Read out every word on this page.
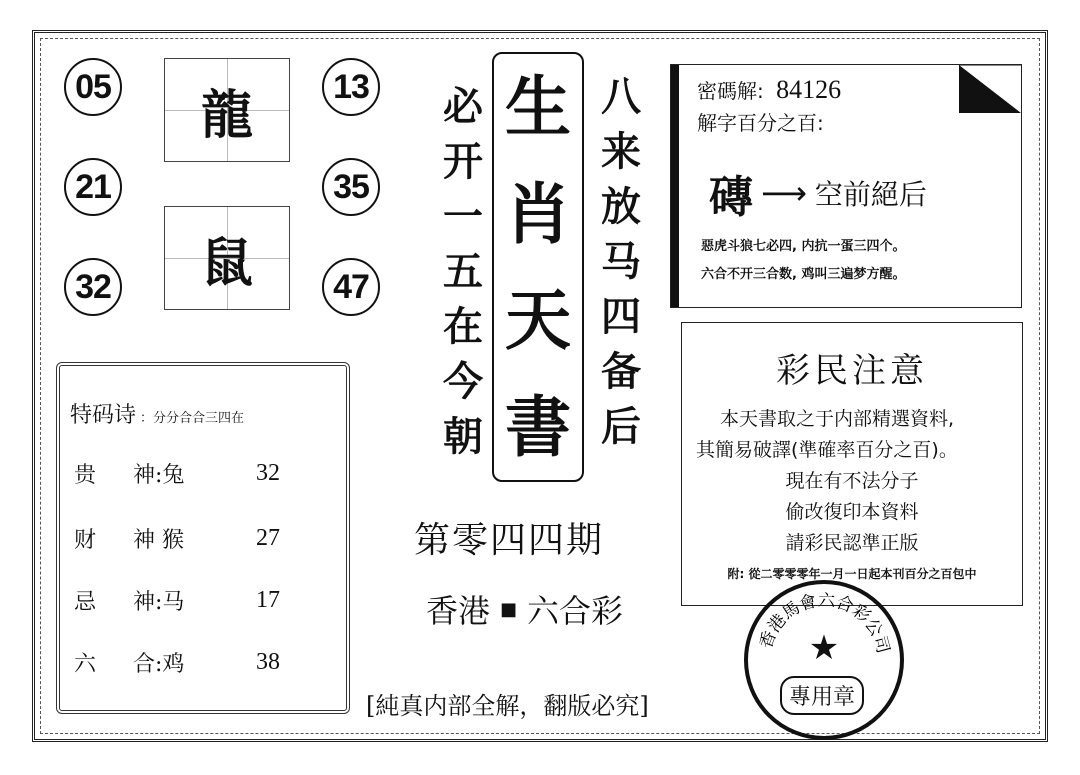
05
21
32
13
35
47
龍
鼠
必
开
一
五
在
今
朝
生
肖
天
書
八
来
放
马
四
备
后
密碼解: 84126
解字百分之百:
磚 ⟶ 空前絕后
惡虎斗狼七必四, 内抗一蛋三四个。
六合不开三合数, 鸡叫三遍梦方醒。
彩民注意
本天書取之于内部精選資料,
其簡易破譯(準確率百分之百)。
現在有不法分子
偷改復印本資料
請彩民認準正版
附: 從二零零零年一月一日起本刊百分之百包中
第零四四期
香港 ■ 六合彩
特码诗 ：分分合合三四在
贵 神:兔	32
财 神 猴	27
忌 神:马	17
六 合:鸡	38
[純真内部全解，翻版必究]
香
港
馬
會
六
合
彩
公
司
★
專用章
